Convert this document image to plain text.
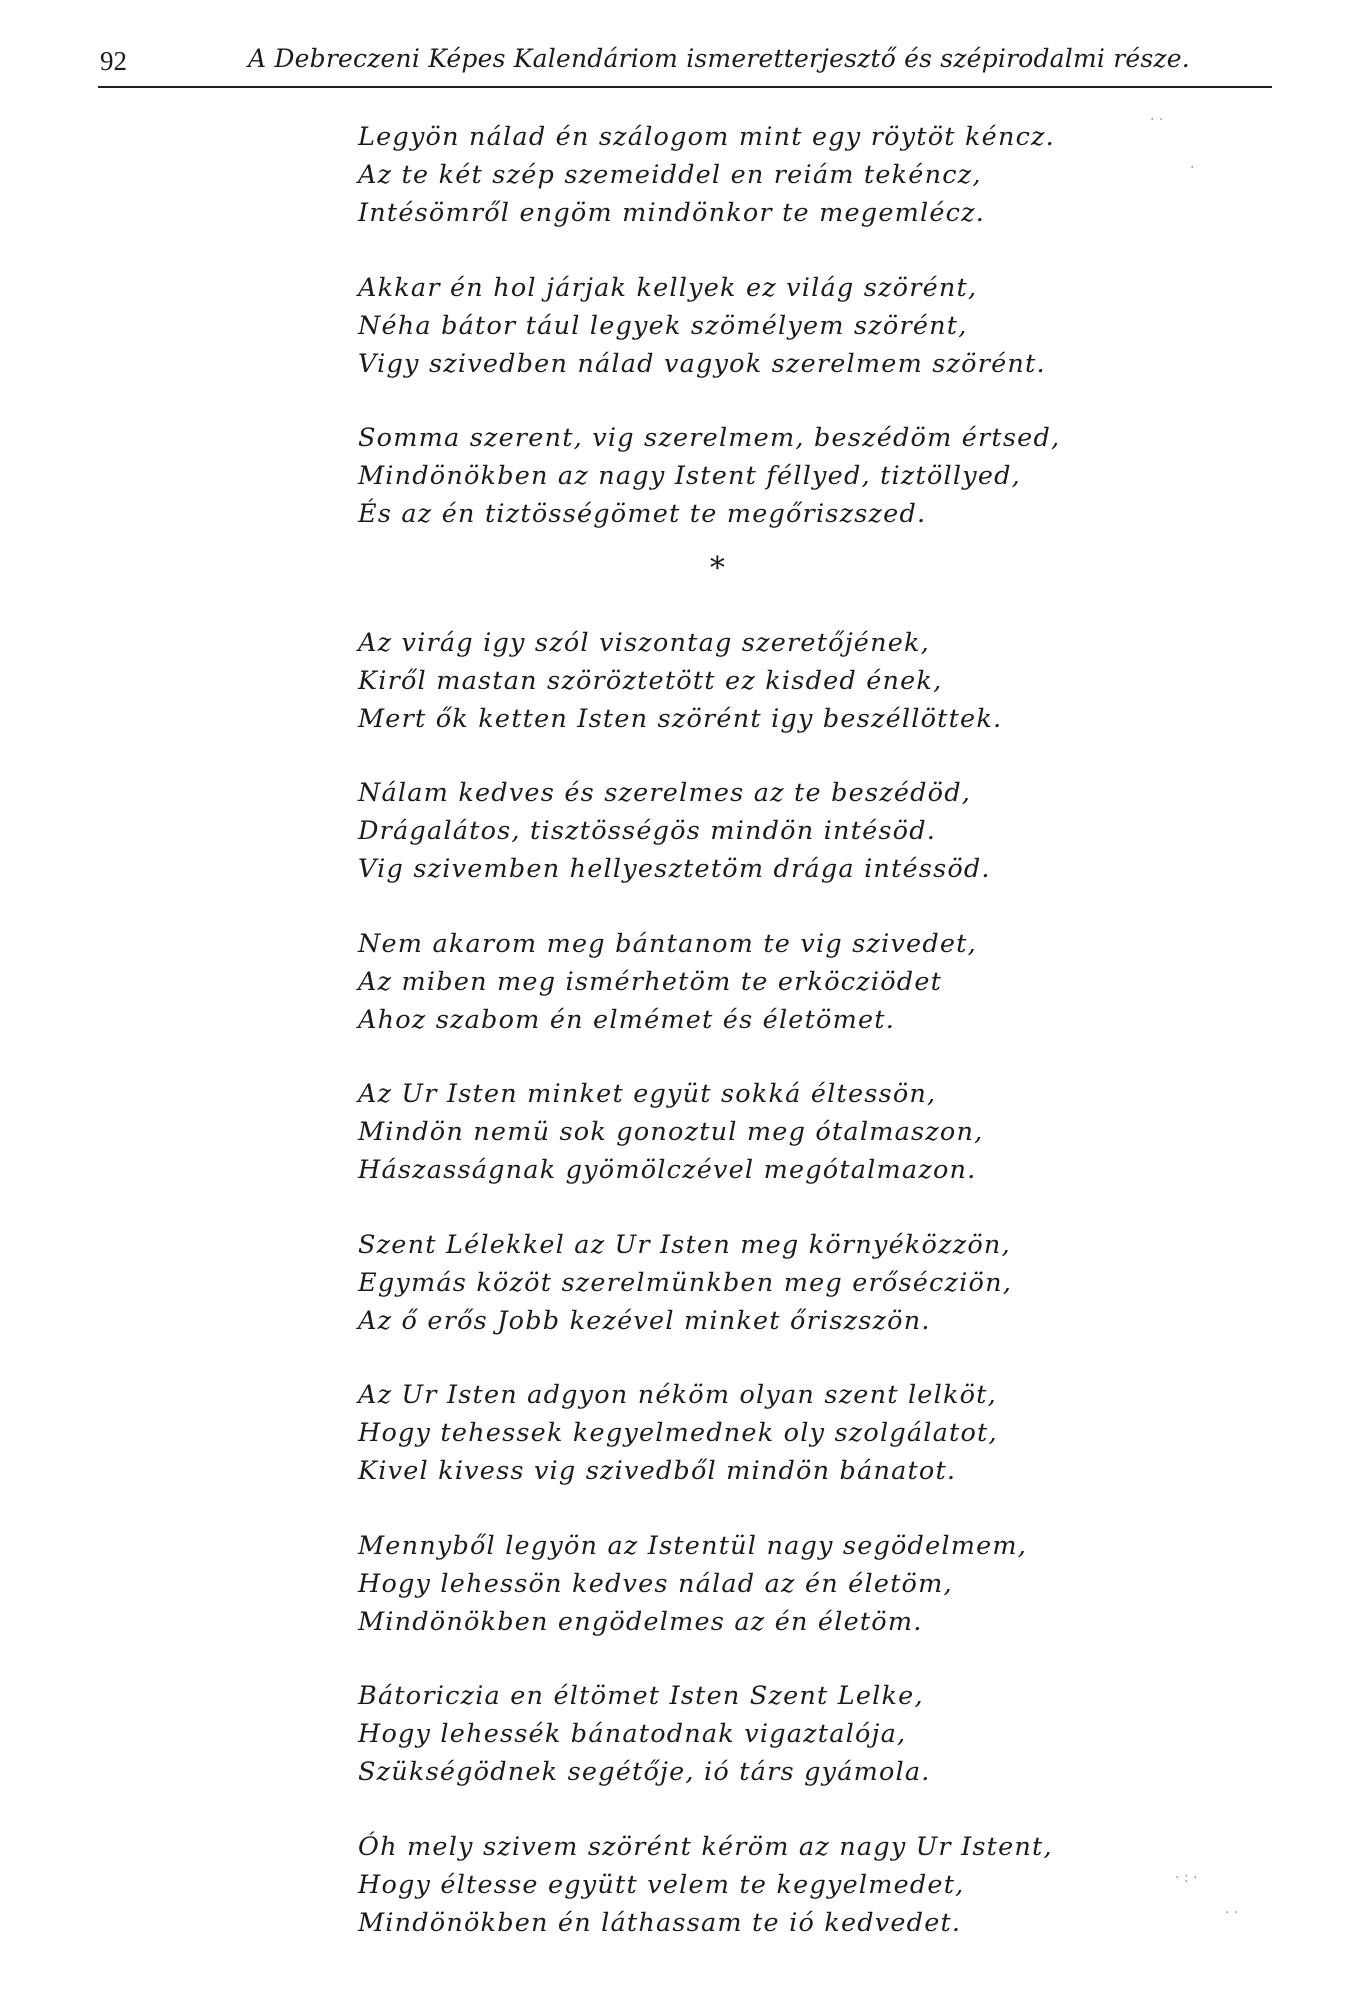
92	A Debreczeni Képes Kalendáriom ismeretterjesztő és szépirodalmi része.
Legyön nálad én szálogom mint egy röytöt kéncz.
Az te két szép szemeiddel en reiám tekéncz,
Intésömről engöm mindönkor te megemlécz.
Akkar én hol járjak kellyek ez világ szörént,
Néha bátor tául legyek szömélyem szörént,
Vigy szivedben nálad vagyok szerelmem szörént.
Somma szerent, vig szerelmem, beszédöm értsed,
Mindönökben az nagy Istent féllyed, tiztöllyed,
És az én tiztösségömet te megőriszszed.
*
Az virág igy szól viszontag szeretőjének,
Kiről mastan szöröztetött ez kisded ének,
Mert ők ketten Isten szörént igy beszéllöttek.
Nálam kedves és szerelmes az te beszédöd,
Drágalátos, tisztösségös mindön intésöd.
Vig szivemben hellyesztetöm drága intéssöd.
Nem akarom meg bántanom te vig szivedet,
Az miben meg ismérhetöm te erköcziödet
Ahoz szabom én elmémet és életömet.
Az Ur Isten minket együt sokká éltessön,
Mindön nemü sok gonoztul meg ótalmaszon,
Hászasságnak gyömölczével megótalmazon.
Szent Lélekkel az Ur Isten meg környéközzön,
Egymás közöt szerelmünkben meg erősécziön,
Az ő erős Jobb kezével minket őriszszön.
Az Ur Isten adgyon néköm olyan szent lelköt,
Hogy tehessek kegyelmednek oly szolgálatot,
Kivel kivess vig szivedből mindön bánatot.
Mennyből legyön az Istentül nagy segödelmem,
Hogy lehessön kedves nálad az én életöm,
Mindönökben engödelmes az én életöm.
Bátoriczia en éltömet Isten Szent Lelke,
Hogy lehessék bánatodnak vigaztalója,
Szükségödnek segétője, ió társ gyámola.
Óh mely szivem szörént kéröm az nagy Ur Istent,
Hogy éltesse együtt velem te kegyelmedet,
Mindönökben én láthassam te ió kedvedet.
· ·
·
· : ·
· ·
